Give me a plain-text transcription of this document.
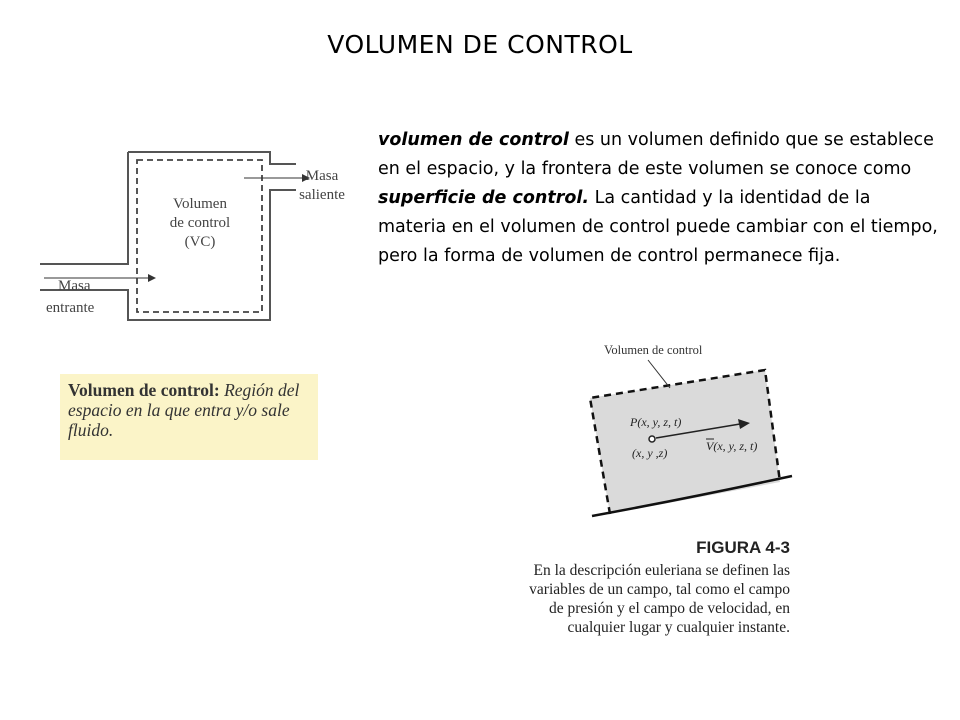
VOLUMEN DE CONTROL
volumen de control es un volumen definido que se establece en el espacio, y la frontera de este volumen se conoce como superficie de control. La cantidad y la identidad de la materia en el volumen de control puede cambiar con el tiempo, pero la forma de volumen de control permanece fija.
Volumen
de control
(VC)
Masa
saliente
Masa
entrante
Volumen de control: Región del espacio en la que entra y/o sale fluido.
Volumen de control
P(x, y, z, t)
(x, y ,z)	V(x, y, z, t)
FIGURA 4-3
En la descripción euleriana se definen las variables de un campo, tal como el campo de presión y el campo de velocidad, en cualquier lugar y cualquier instante.
